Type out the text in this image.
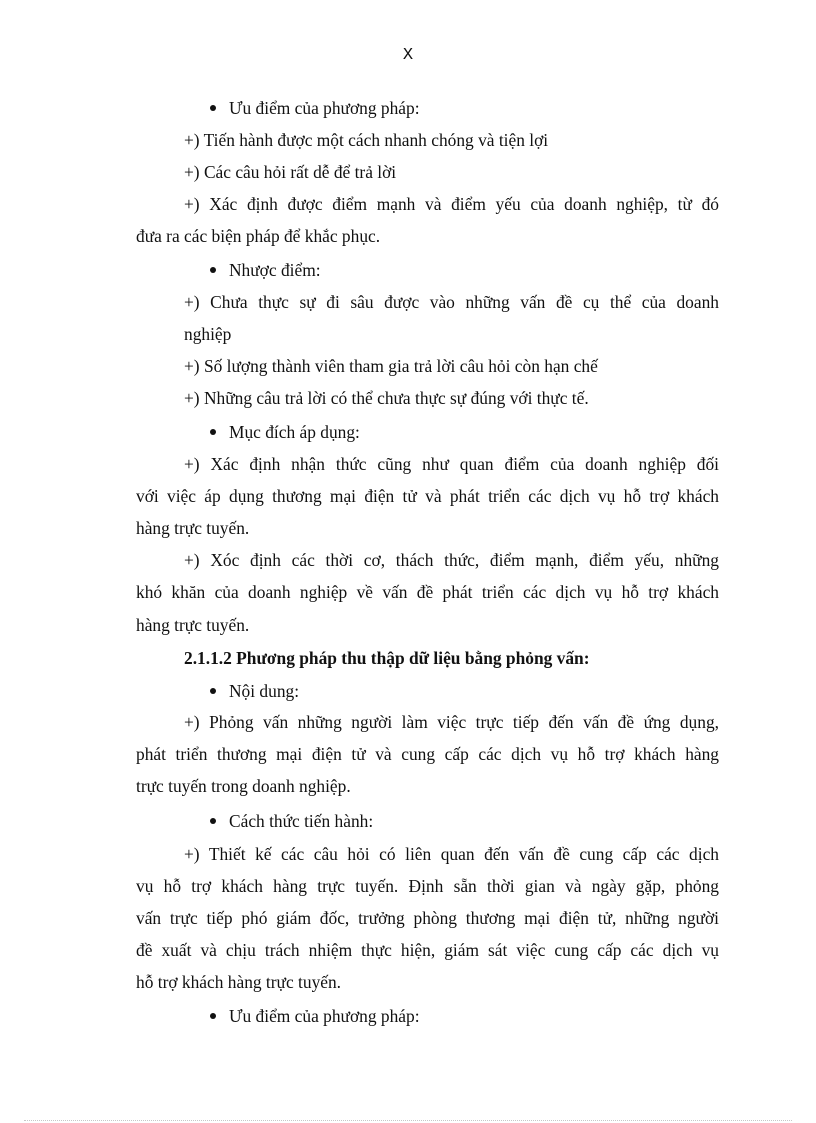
X
Ưu điểm của phương pháp:
+) Tiến hành được một cách nhanh chóng và tiện lợi
+) Các câu hỏi rất dễ để trả lời
+) Xác định được điểm mạnh và điểm yếu của doanh nghiệp, từ đó
đưa ra các biện pháp để khắc phục.
Nhược điểm:
+) Chưa thực sự đi sâu được vào những vấn đề cụ thể của doanh
nghiệp
+) Số lượng thành viên tham gia trả lời câu hỏi còn hạn chế
+) Những câu trả lời có thể chưa thực sự đúng với thực tế.
Mục đích áp dụng:
+) Xác định nhận thức cũng như quan điểm của doanh nghiệp đối
với việc áp dụng thương mại điện tử và phát triển các dịch vụ hỗ trợ khách
hàng trực tuyến.
+) Xóc định các thời cơ, thách thức, điểm mạnh, điểm yếu, những
khó khăn của doanh nghiệp về vấn đề phát triển các dịch vụ hỗ trợ khách
hàng trực tuyến.
2.1.1.2 Phương pháp thu thập dữ liệu bằng phỏng vấn:
Nội dung:
+) Phỏng vấn những người làm việc trực tiếp đến vấn đề ứng dụng,
phát triển thương mại điện tử và cung cấp các dịch vụ hỗ trợ khách hàng
trực tuyến trong doanh nghiệp.
Cách thức tiến hành:
+) Thiết kế các câu hỏi có liên quan đến vấn đề cung cấp các dịch
vụ hỗ trợ khách hàng trực tuyến. Định sẵn thời gian và ngày gặp, phỏng
vấn trực tiếp phó giám đốc, trưởng phòng thương mại điện tử, những người
đề xuất và chịu trách nhiệm thực hiện, giám sát việc cung cấp các dịch vụ
hỗ trợ khách hàng trực tuyến.
Ưu điểm của phương pháp:
